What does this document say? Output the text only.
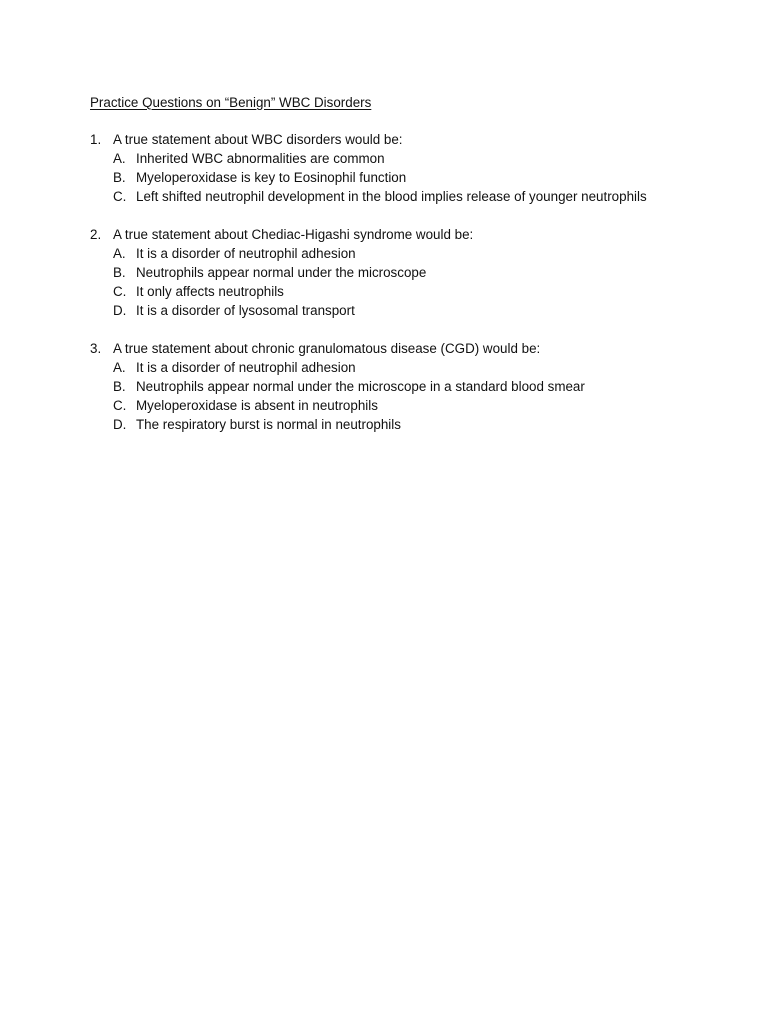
Practice Questions on “Benign” WBC Disorders
1. A true statement about WBC disorders would be:
A. Inherited WBC abnormalities are common
B. Myeloperoxidase is key to Eosinophil function
C. Left shifted neutrophil development in the blood implies release of younger neutrophils
2. A true statement about Chediac-Higashi syndrome would be:
A. It is a disorder of neutrophil adhesion
B. Neutrophils appear normal under the microscope
C. It only affects neutrophils
D. It is a disorder of lysosomal transport
3. A true statement about chronic granulomatous disease (CGD) would be:
A. It is a disorder of neutrophil adhesion
B. Neutrophils appear normal under the microscope in a standard blood smear
C. Myeloperoxidase is absent in neutrophils
D. The respiratory burst is normal in neutrophils
